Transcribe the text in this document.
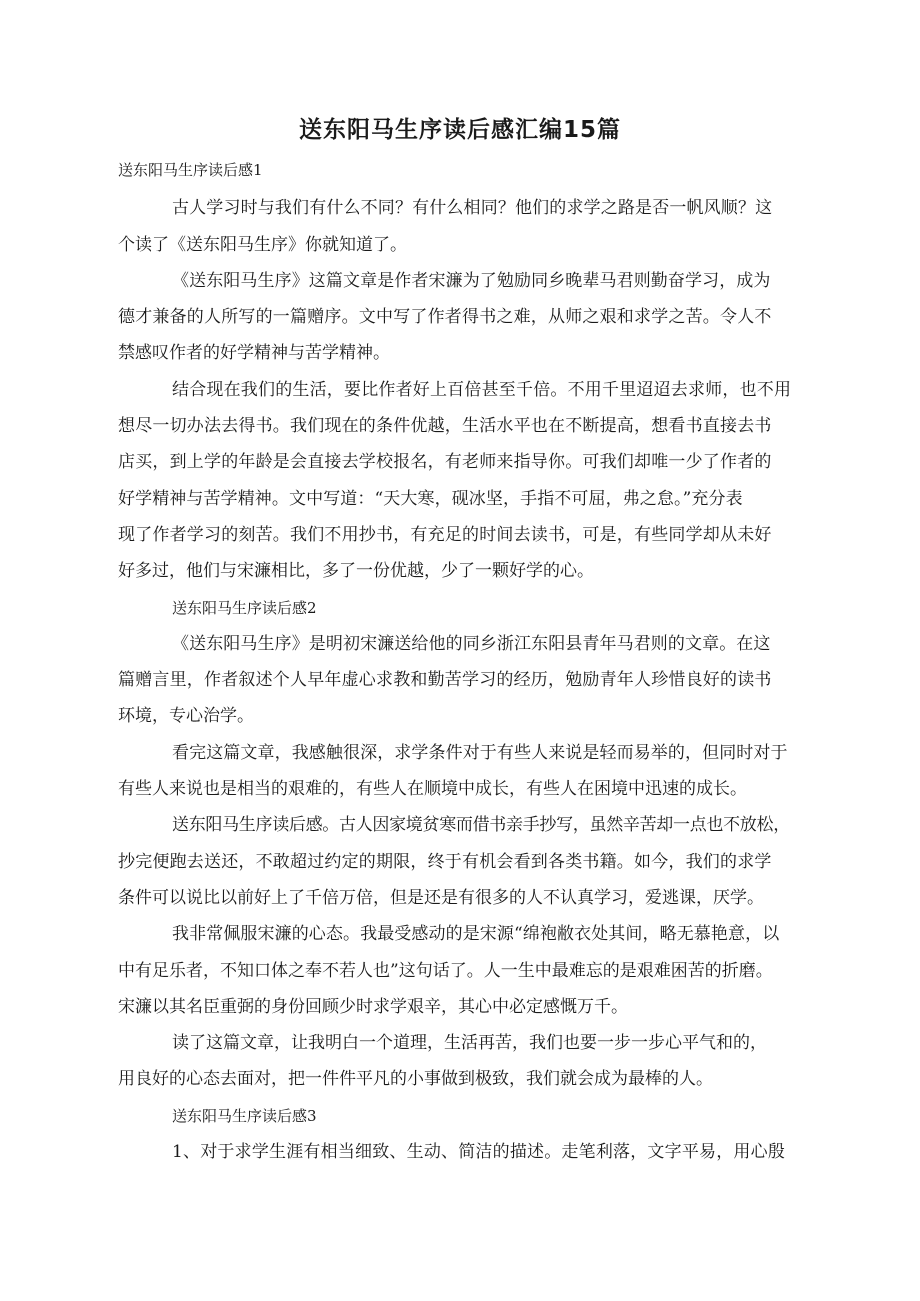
送东阳马生序读后感汇编15篇
送东阳马生序读后感1
古人学习时与我们有什么不同？有什么相同？他们的求学之路是否一帆风顺？这
个读了《送东阳马生序》你就知道了。
《送东阳马生序》这篇文章是作者宋濂为了勉励同乡晚辈马君则勤奋学习，成为
德才兼备的人所写的一篇赠序。文中写了作者得书之难，从师之艰和求学之苦。令人不
禁感叹作者的好学精神与苦学精神。
结合现在我们的生活，要比作者好上百倍甚至千倍。不用千里迢迢去求师，也不用
想尽一切办法去得书。我们现在的条件优越，生活水平也在不断提高，想看书直接去书
店买，到上学的年龄是会直接去学校报名，有老师来指导你。可我们却唯一少了作者的
好学精神与苦学精神。文中写道：“天大寒，砚冰坚，手指不可屈，弗之怠。”充分表
现了作者学习的刻苦。我们不用抄书，有充足的时间去读书，可是，有些同学却从未好
好多过，他们与宋濂相比，多了一份优越，少了一颗好学的心。
送东阳马生序读后感2
《送东阳马生序》是明初宋濂送给他的同乡浙江东阳县青年马君则的文章。在这
篇赠言里，作者叙述个人早年虚心求教和勤苦学习的经历，勉励青年人珍惜良好的读书
环境，专心治学。
看完这篇文章，我感触很深，求学条件对于有些人来说是轻而易举的，但同时对于
有些人来说也是相当的艰难的，有些人在顺境中成长，有些人在困境中迅速的成长。
送东阳马生序读后感。古人因家境贫寒而借书亲手抄写，虽然辛苦却一点也不放松，
抄完便跑去送还，不敢超过约定的期限，终于有机会看到各类书籍。如今，我们的求学
条件可以说比以前好上了千倍万倍，但是还是有很多的人不认真学习，爱逃课，厌学。
我非常佩服宋濂的心态。我最受感动的是宋源“绵袍敝衣处其间，略无慕艳意，以
中有足乐者，不知口体之奉不若人也”这句话了。人一生中最难忘的是艰难困苦的折磨。
宋濂以其名臣重弼的身份回顾少时求学艰辛，其心中必定感慨万千。
读了这篇文章，让我明白一个道理，生活再苦，我们也要一步一步心平气和的，
用良好的心态去面对，把一件件平凡的小事做到极致，我们就会成为最棒的人。
送东阳马生序读后感3
1、对于求学生涯有相当细致、生动、简洁的描述。走笔利落，文字平易，用心殷
